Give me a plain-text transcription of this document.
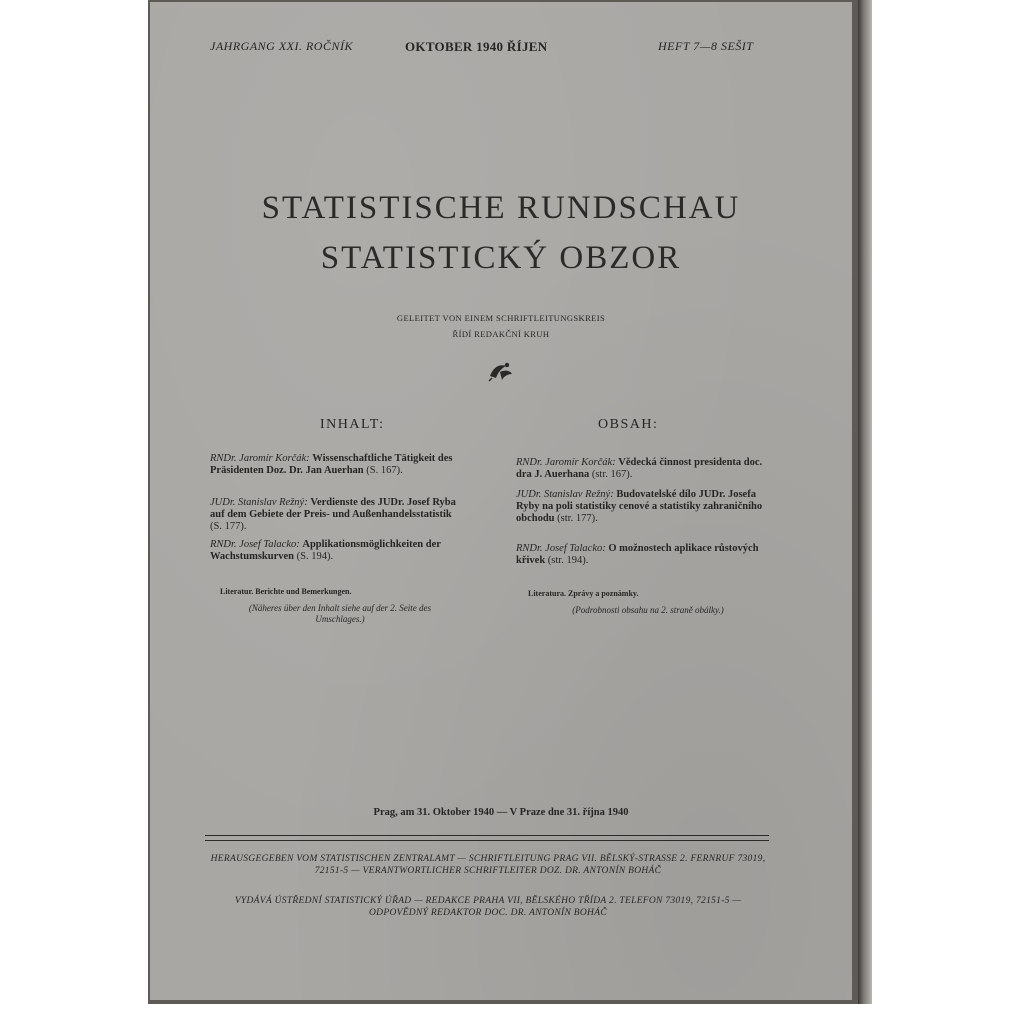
JAHRGANG XXI. ROČNÍK	OKTOBER 1940 ŘÍJEN	HEFT 7—8 SEŠIT
STATISTISCHE RUNDSCHAU
STATISTICKÝ OBZOR
GELEITET VON EINEM SCHRIFTLEITUNGSKREIS
ŘÍDÍ REDAKČNÍ KRUH
INHALT:
RNDr. Jaromír Korčák: Wissenschaftliche Tätigkeit des Präsidenten Doz. Dr. Jan Auerhan (S. 167).
JUDr. Stanislav Režný: Verdienste des JUDr. Josef Ryba auf dem Gebiete der Preis- und Außenhandelsstatistik (S. 177).
RNDr. Josef Talacko: Applikationsmöglichkeiten der Wachstumskurven (S. 194).
Literatur. Berichte und Bemerkungen.
(Näheres über den Inhalt siehe auf der 2. Seite des Umschlages.)
OBSAH:
RNDr. Jaromír Korčák: Vědecká činnost presidenta doc. dra J. Auerhana (str. 167).
JUDr. Stanislav Režný: Budovatelské dílo JUDr. Josefa Ryby na poli statistiky cenové a statistiky zahraničního obchodu (str. 177).
RNDr. Josef Talacko: O možnostech aplikace růstových křivek (str. 194).
Literatura. Zprávy a poznámky.
(Podrobnosti obsahu na 2. straně obálky.)
Prag, am 31. Oktober 1940 — V Praze dne 31. října 1940
HERAUSGEGEBEN VOM STATISTISCHEN ZENTRALAMT — SCHRIFTLEITUNG PRAG VII. BĚLSKÝ-STRASSE 2. FERNRUF 73019, 72151-5 — VERANTWORTLICHER SCHRIFTLEITER DOZ. DR. ANTONÍN BOHÁČ
VYDÁVÁ ÚSTŘEDNÍ STATISTICKÝ ÚŘAD — REDAKCE PRAHA VII, BĚLSKÉHO TŘÍDA 2. TELEFON 73019, 72151-5 — ODPOVĚDNÝ REDAKTOR DOC. DR. ANTONÍN BOHÁČ
